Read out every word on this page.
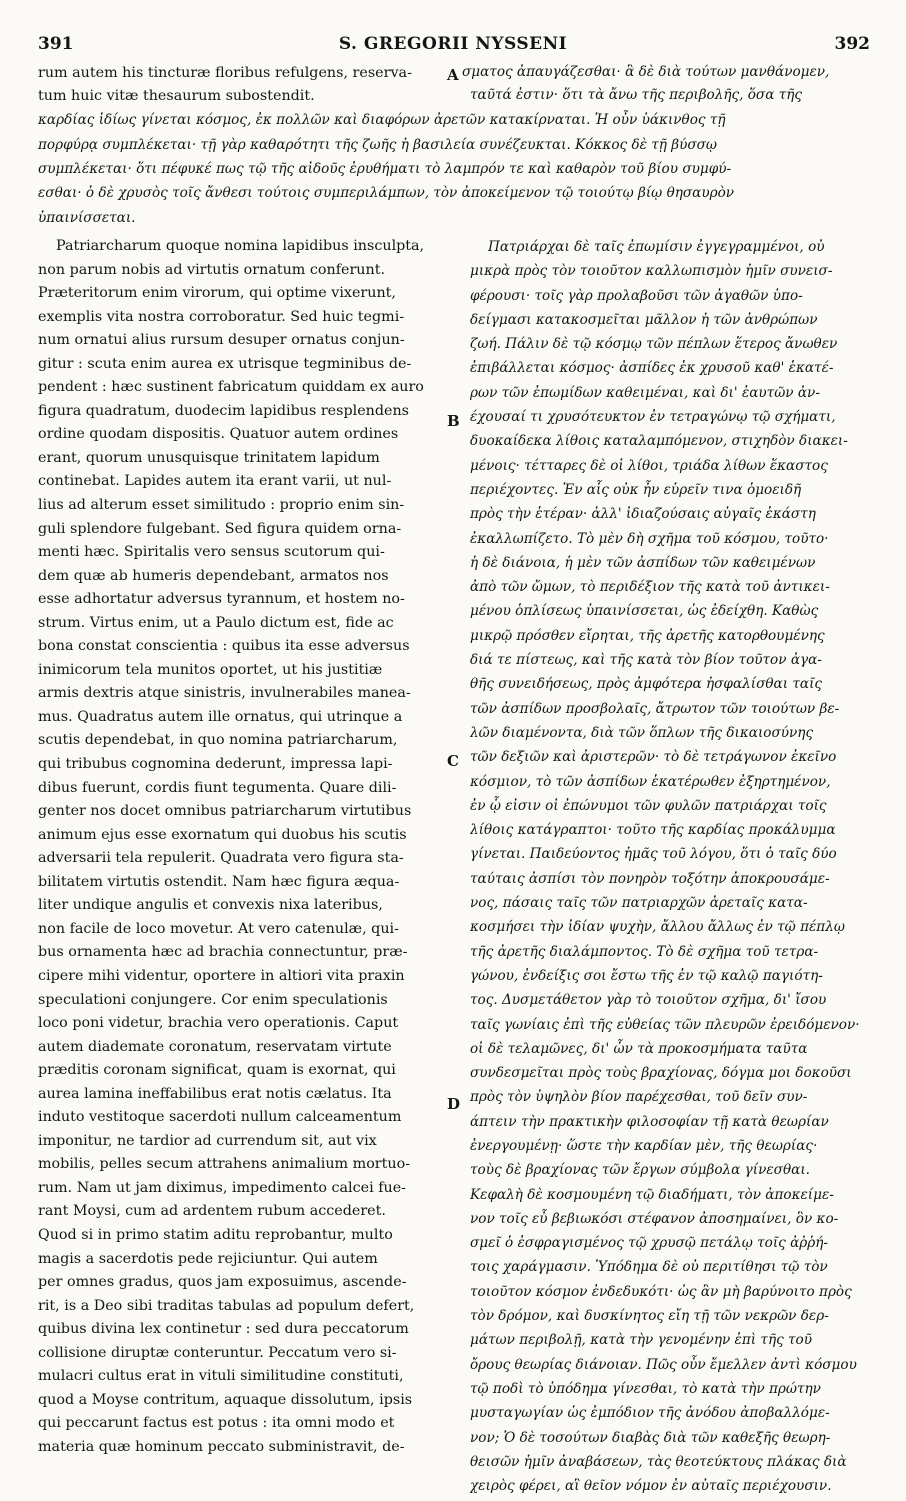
391	S. GREGORII NYSSENI	392
rum autem his tincturæ floribus refulgens, reserva-
tum huic vitæ thesaurum subostendit.
σματος ἀπαυγάζεσθαι· ἃ δὲ διὰ τούτων μανθάνομεν,
ταῦτά ἐστιν· ὅτι τὰ ἄνω τῆς περιβολῆς, ὅσα τῆς
καρδίας ἰδίως γίνεται κόσμος, ἐκ πολλῶν καὶ διαφόρων ἀρετῶν κατακίρναται. Ἡ οὖν ὑάκινθος τῇ
πορφύρᾳ συμπλέκεται· τῇ γὰρ καθαρότητι τῆς ζωῆς ἡ βασιλεία συνέζευκται. Κόκκος δὲ τῇ βύσσῳ
συμπλέκεται· ὅτι πέφυκέ πως τῷ τῆς αἰδοῦς ἐρυθήματι τὸ λαμπρόν τε καὶ καθαρὸν τοῦ βίου συμφύ-
εσθαι· ὁ δὲ χρυσὸς τοῖς ἄνθεσι τούτοις συμπεριλάμπων, τὸν ἀποκείμενον τῷ τοιούτῳ βίῳ θησαυρὸν
ὑπαινίσσεται.
A
B
C
D
Patriarcharum quoque nomina lapidibus insculpta,
non parum nobis ad virtutis ornatum conferunt.
Præteritorum enim virorum, qui optime vixerunt,
exemplis vita nostra corroboratur. Sed huic tegmi-
num ornatui alius rursum desuper ornatus conjun-
gitur : scuta enim aurea ex utrisque tegminibus de-
pendent : hæc sustinent fabricatum quiddam ex auro
figura quadratum, duodecim lapidibus resplendens
ordine quodam dispositis. Quatuor autem ordines
erant, quorum unusquisque trinitatem lapidum
continebat. Lapides autem ita erant varii, ut nul-
lius ad alterum esset similitudo : proprio enim sin-
guli splendore fulgebant. Sed figura quidem orna-
menti hæc. Spiritalis vero sensus scutorum qui-
dem quæ ab humeris dependebant, armatos nos
esse adhortatur adversus tyrannum, et hostem no-
strum. Virtus enim, ut a Paulo dictum est, fide ac
bona constat conscientia : quibus ita esse adversus
inimicorum tela munitos oportet, ut his justitiæ
armis dextris atque sinistris, invulnerabiles manea-
mus. Quadratus autem ille ornatus, qui utrinque a
scutis dependebat, in quo nomina patriarcharum,
qui tribubus cognomina dederunt, impressa lapi-
dibus fuerunt, cordis fiunt tegumenta. Quare dili-
genter nos docet omnibus patriarcharum virtutibus
animum ejus esse exornatum qui duobus his scutis
adversarii tela repulerit. Quadrata vero figura sta-
bilitatem virtutis ostendit. Nam hæc figura æqua-
liter undique angulis et convexis nixa lateribus,
non facile de loco movetur. At vero catenulæ, qui-
bus ornamenta hæc ad brachia connectuntur, præ-
cipere mihi videntur, oportere in altiori vita praxin
speculationi conjungere. Cor enim speculationis
loco poni videtur, brachia vero operationis. Caput
autem diademate coronatum, reservatam virtute
præditis coronam significat, quam is exornat, qui
aurea lamina ineffabilibus erat notis cælatus. Ita
induto vestitoque sacerdoti nullum calceamentum
imponitur, ne tardior ad currendum sit, aut vix
mobilis, pelles secum attrahens animalium mortuo-
rum. Nam ut jam diximus, impedimento calcei fue-
rant Moysi, cum ad ardentem rubum accederet.
Quod si in primo statim aditu reprobantur, multo
magis a sacerdotis pede rejiciuntur. Qui autem
per omnes gradus, quos jam exposuimus, ascende-
rit, is a Deo sibi traditas tabulas ad populum defert,
quibus divina lex continetur : sed dura peccatorum
collisione diruptæ conteruntur. Peccatum vero si-
mulacri cultus erat in vituli similitudine constituti,
quod a Moyse contritum, aquaque dissolutum, ipsis
qui peccarunt factus est potus : ita omni modo et
materia quæ hominum peccato subministravit, de-
Πατριάρχαι δὲ ταῖς ἐπωμίσιν ἐγγεγραμμένοι, οὐ
μικρὰ πρὸς τὸν τοιοῦτον καλλωπισμὸν ἡμῖν συνεισ-
φέρουσι· τοῖς γὰρ προλαβοῦσι τῶν ἀγαθῶν ὑπο-
δείγμασι κατακοσμεῖται μᾶλλον ἡ τῶν ἀνθρώπων
ζωή. Πάλιν δὲ τῷ κόσμῳ τῶν πέπλων ἕτερος ἄνωθεν
ἐπιβάλλεται κόσμος· ἀσπίδες ἐκ χρυσοῦ καθ' ἑκατέ-
ρων τῶν ἐπωμίδων καθειμέναι, καὶ δι' ἑαυτῶν ἀν-
έχουσαί τι χρυσότευκτον ἐν τετραγώνῳ τῷ σχήματι,
δυοκαίδεκα λίθοις καταλαμπόμενον, στιχηδὸν διακει-
μένοις· τέτταρες δὲ οἱ λίθοι, τριάδα λίθων ἕκαστος
περιέχοντες. Ἐν αἷς οὐκ ἦν εὑρεῖν τινα ὁμοειδῆ
πρὸς τὴν ἑτέραν· ἀλλ' ἰδιαζούσαις αὐγαῖς ἑκάστη
ἐκαλλωπίζετο. Τὸ μὲν δὴ σχῆμα τοῦ κόσμου, τοῦτο·
ἡ δὲ διάνοια, ἡ μὲν τῶν ἀσπίδων τῶν καθειμένων
ἀπὸ τῶν ὤμων, τὸ περιδέξιον τῆς κατὰ τοῦ ἀντικει-
μένου ὁπλίσεως ὑπαινίσσεται, ὡς ἐδείχθη. Καθὼς
μικρῷ πρόσθεν εἴρηται, τῆς ἀρετῆς κατορθουμένης
διά τε πίστεως, καὶ τῆς κατὰ τὸν βίον τοῦτον ἀγα-
θῆς συνειδήσεως, πρὸς ἀμφότερα ἠσφαλίσθαι ταῖς
τῶν ἀσπίδων προσβολαῖς, ἄτρωτον τῶν τοιούτων βε-
λῶν διαμένοντα, διὰ τῶν ὅπλων τῆς δικαιοσύνης
τῶν δεξιῶν καὶ ἀριστερῶν· τὸ δὲ τετράγωνον ἐκεῖνο
κόσμιον, τὸ τῶν ἀσπίδων ἑκατέρωθεν ἐξηρτημένον,
ἐν ᾧ εἰσιν οἱ ἐπώνυμοι τῶν φυλῶν πατριάρχαι τοῖς
λίθοις κατάγραπτοι· τοῦτο τῆς καρδίας προκάλυμμα
γίνεται. Παιδεύοντος ἡμᾶς τοῦ λόγου, ὅτι ὁ ταῖς δύο
ταύταις ἀσπίσι τὸν πονηρὸν τοξότην ἀποκρουσάμε-
νος, πάσαις ταῖς τῶν πατριαρχῶν ἀρεταῖς κατα-
κοσμήσει τὴν ἰδίαν ψυχὴν, ἄλλου ἄλλως ἐν τῷ πέπλῳ
τῆς ἀρετῆς διαλάμποντος. Τὸ δὲ σχῆμα τοῦ τετρα-
γώνου, ἐνδείξις σοι ἔστω τῆς ἐν τῷ καλῷ παγιότη-
τος. Δυσμετάθετον γὰρ τὸ τοιοῦτον σχῆμα, δι' ἴσου
ταῖς γωνίαις ἐπὶ τῆς εὐθείας τῶν πλευρῶν ἐρειδόμενον·
οἱ δὲ τελαμῶνες, δι' ὧν τὰ προκοσμήματα ταῦτα
συνδεσμεῖται πρὸς τοὺς βραχίονας, δόγμα μοι δοκοῦσι
πρὸς τὸν ὑψηλὸν βίον παρέχεσθαι, τοῦ δεῖν συν-
άπτειν τὴν πρακτικὴν φιλοσοφίαν τῇ κατὰ θεωρίαν
ἐνεργουμένῃ· ὥστε τὴν καρδίαν μὲν, τῆς θεωρίας·
τοὺς δὲ βραχίονας τῶν ἔργων σύμβολα γίνεσθαι.
Κεφαλὴ δὲ κοσμουμένη τῷ διαδήματι, τὸν ἀποκείμε-
νον τοῖς εὖ βεβιωκόσι στέφανον ἀποσημαίνει, ὃν κο-
σμεῖ ὁ ἐσφραγισμένος τῷ χρυσῷ πετάλῳ τοῖς ἀῤῥή-
τοις χαράγμασιν. Ὑπόδημα δὲ οὐ περιτίθησι τῷ τὸν
τοιοῦτον κόσμον ἐνδεδυκότι· ὡς ἂν μὴ βαρύνοιτο πρὸς
τὸν δρόμον, καὶ δυσκίνητος εἴη τῇ τῶν νεκρῶν δερ-
μάτων περιβολῇ, κατὰ τὴν γενομένην ἐπὶ τῆς τοῦ
ὄρους θεωρίας διάνοιαν. Πῶς οὖν ἔμελλεν ἀντὶ κόσμου
τῷ ποδὶ τὸ ὑπόδημα γίνεσθαι, τὸ κατὰ τὴν πρώτην
μυσταγωγίαν ὡς ἐμπόδιον τῆς ἀνόδου ἀποβαλλόμε-
νον; Ὁ δὲ τοσούτων διαβὰς διὰ τῶν καθεξῆς θεωρη-
θεισῶν ἡμῖν ἀναβάσεων, τὰς θεοτεύκτους πλάκας διὰ
χειρὸς φέρει, αἳ θεῖον νόμον ἐν αὐταῖς περιέχουσιν.
